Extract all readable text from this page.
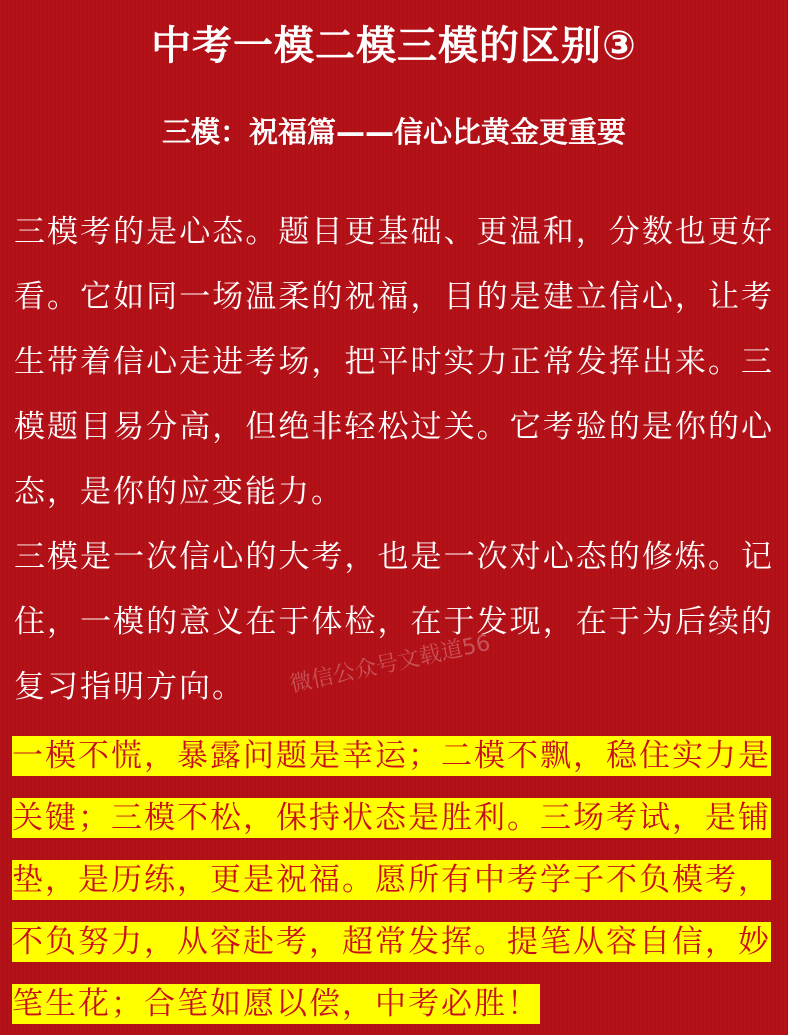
中考一模二模三模的区别③
三模：祝福篇——信心比黄金更重要

三模考的是心态。题目更基础、更温和，分数也更好看。它如同一场温柔的祝福，目的是建立信心，让考生带着信心走进考场，把平时实力正常发挥出来。三模题目易分高，但绝非轻松过关。它考验的是你的心态，是你的应变能力。

三模是一次信心的大考，也是一次对心态的修炼。记住，一模的意义在于体检，在于发现，在于为后续的复习指明方向。	微信公众号文载道56
一模不慌，暴露问题是幸运；二模不飘，稳住实力是关键；三模不松，保持状态是胜利。三场考试，是铺垫，是历练，更是祝福。愿所有中考学子不负模考，不负努力，从容赴考，超常发挥。提笔从容自信，妙笔生花；合笔如愿以偿，中考必胜！
